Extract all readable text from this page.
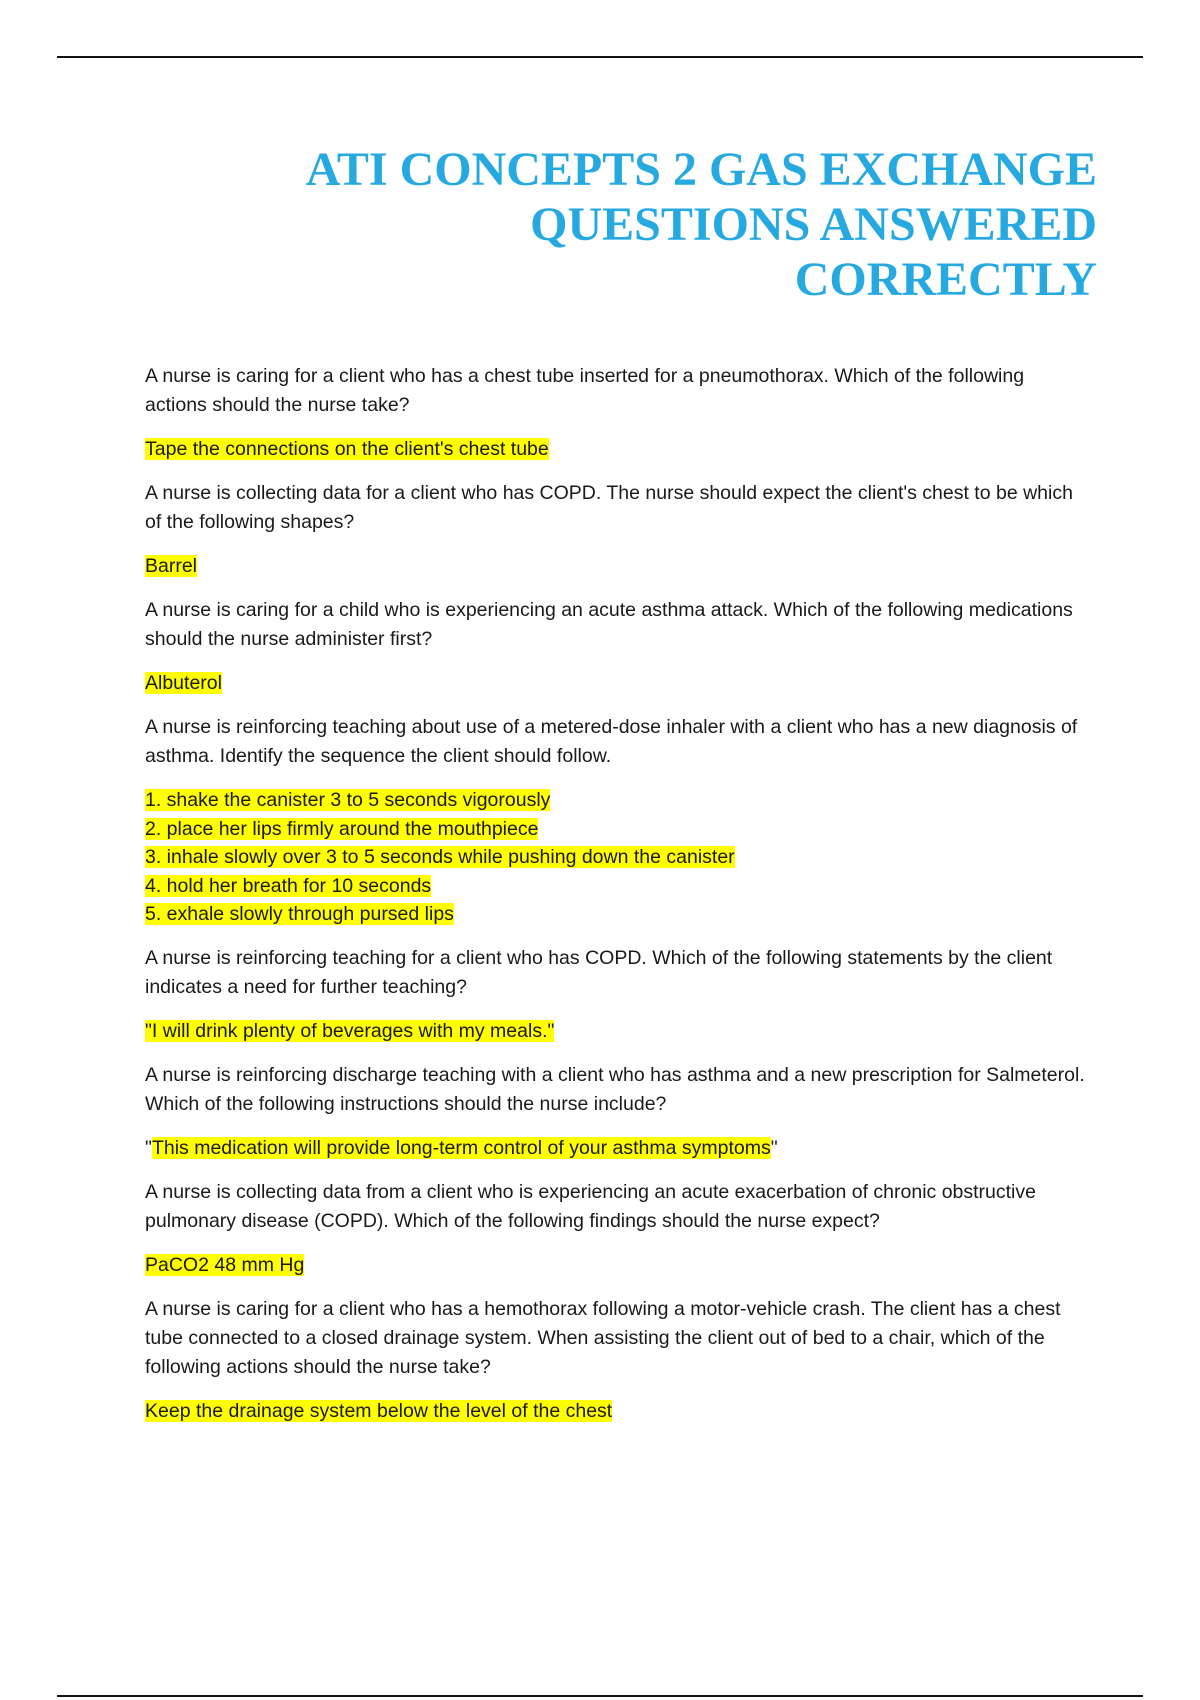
ATI CONCEPTS 2 GAS EXCHANGE
QUESTIONS ANSWERED
CORRECTLY

A nurse is caring for a client who has a chest tube inserted for a pneumothorax. Which of the following actions should the nurse take?

Tape the connections on the client's chest tube

A nurse is collecting data for a client who has COPD. The nurse should expect the client's chest to be which of the following shapes?

Barrel

A nurse is caring for a child who is experiencing an acute asthma attack. Which of the following medications should the nurse administer first?

Albuterol

A nurse is reinforcing teaching about use of a metered-dose inhaler with a client who has a new diagnosis of asthma. Identify the sequence the client should follow.

1. shake the canister 3 to 5 seconds vigorously
2. place her lips firmly around the mouthpiece
3. inhale slowly over 3 to 5 seconds while pushing down the canister
4. hold her breath for 10 seconds
5. exhale slowly through pursed lips

A nurse is reinforcing teaching for a client who has COPD. Which of the following statements by the client indicates a need for further teaching?

"I will drink plenty of beverages with my meals."

A nurse is reinforcing discharge teaching with a client who has asthma and a new prescription for Salmeterol. Which of the following instructions should the nurse include?

"This medication will provide long-term control of your asthma symptoms"

A nurse is collecting data from a client who is experiencing an acute exacerbation of chronic obstructive pulmonary disease (COPD). Which of the following findings should the nurse expect?

PaCO2 48 mm Hg

A nurse is caring for a client who has a hemothorax following a motor-vehicle crash. The client has a chest tube connected to a closed drainage system. When assisting the client out of bed to a chair, which of the following actions should the nurse take?

Keep the drainage system below the level of the chest
